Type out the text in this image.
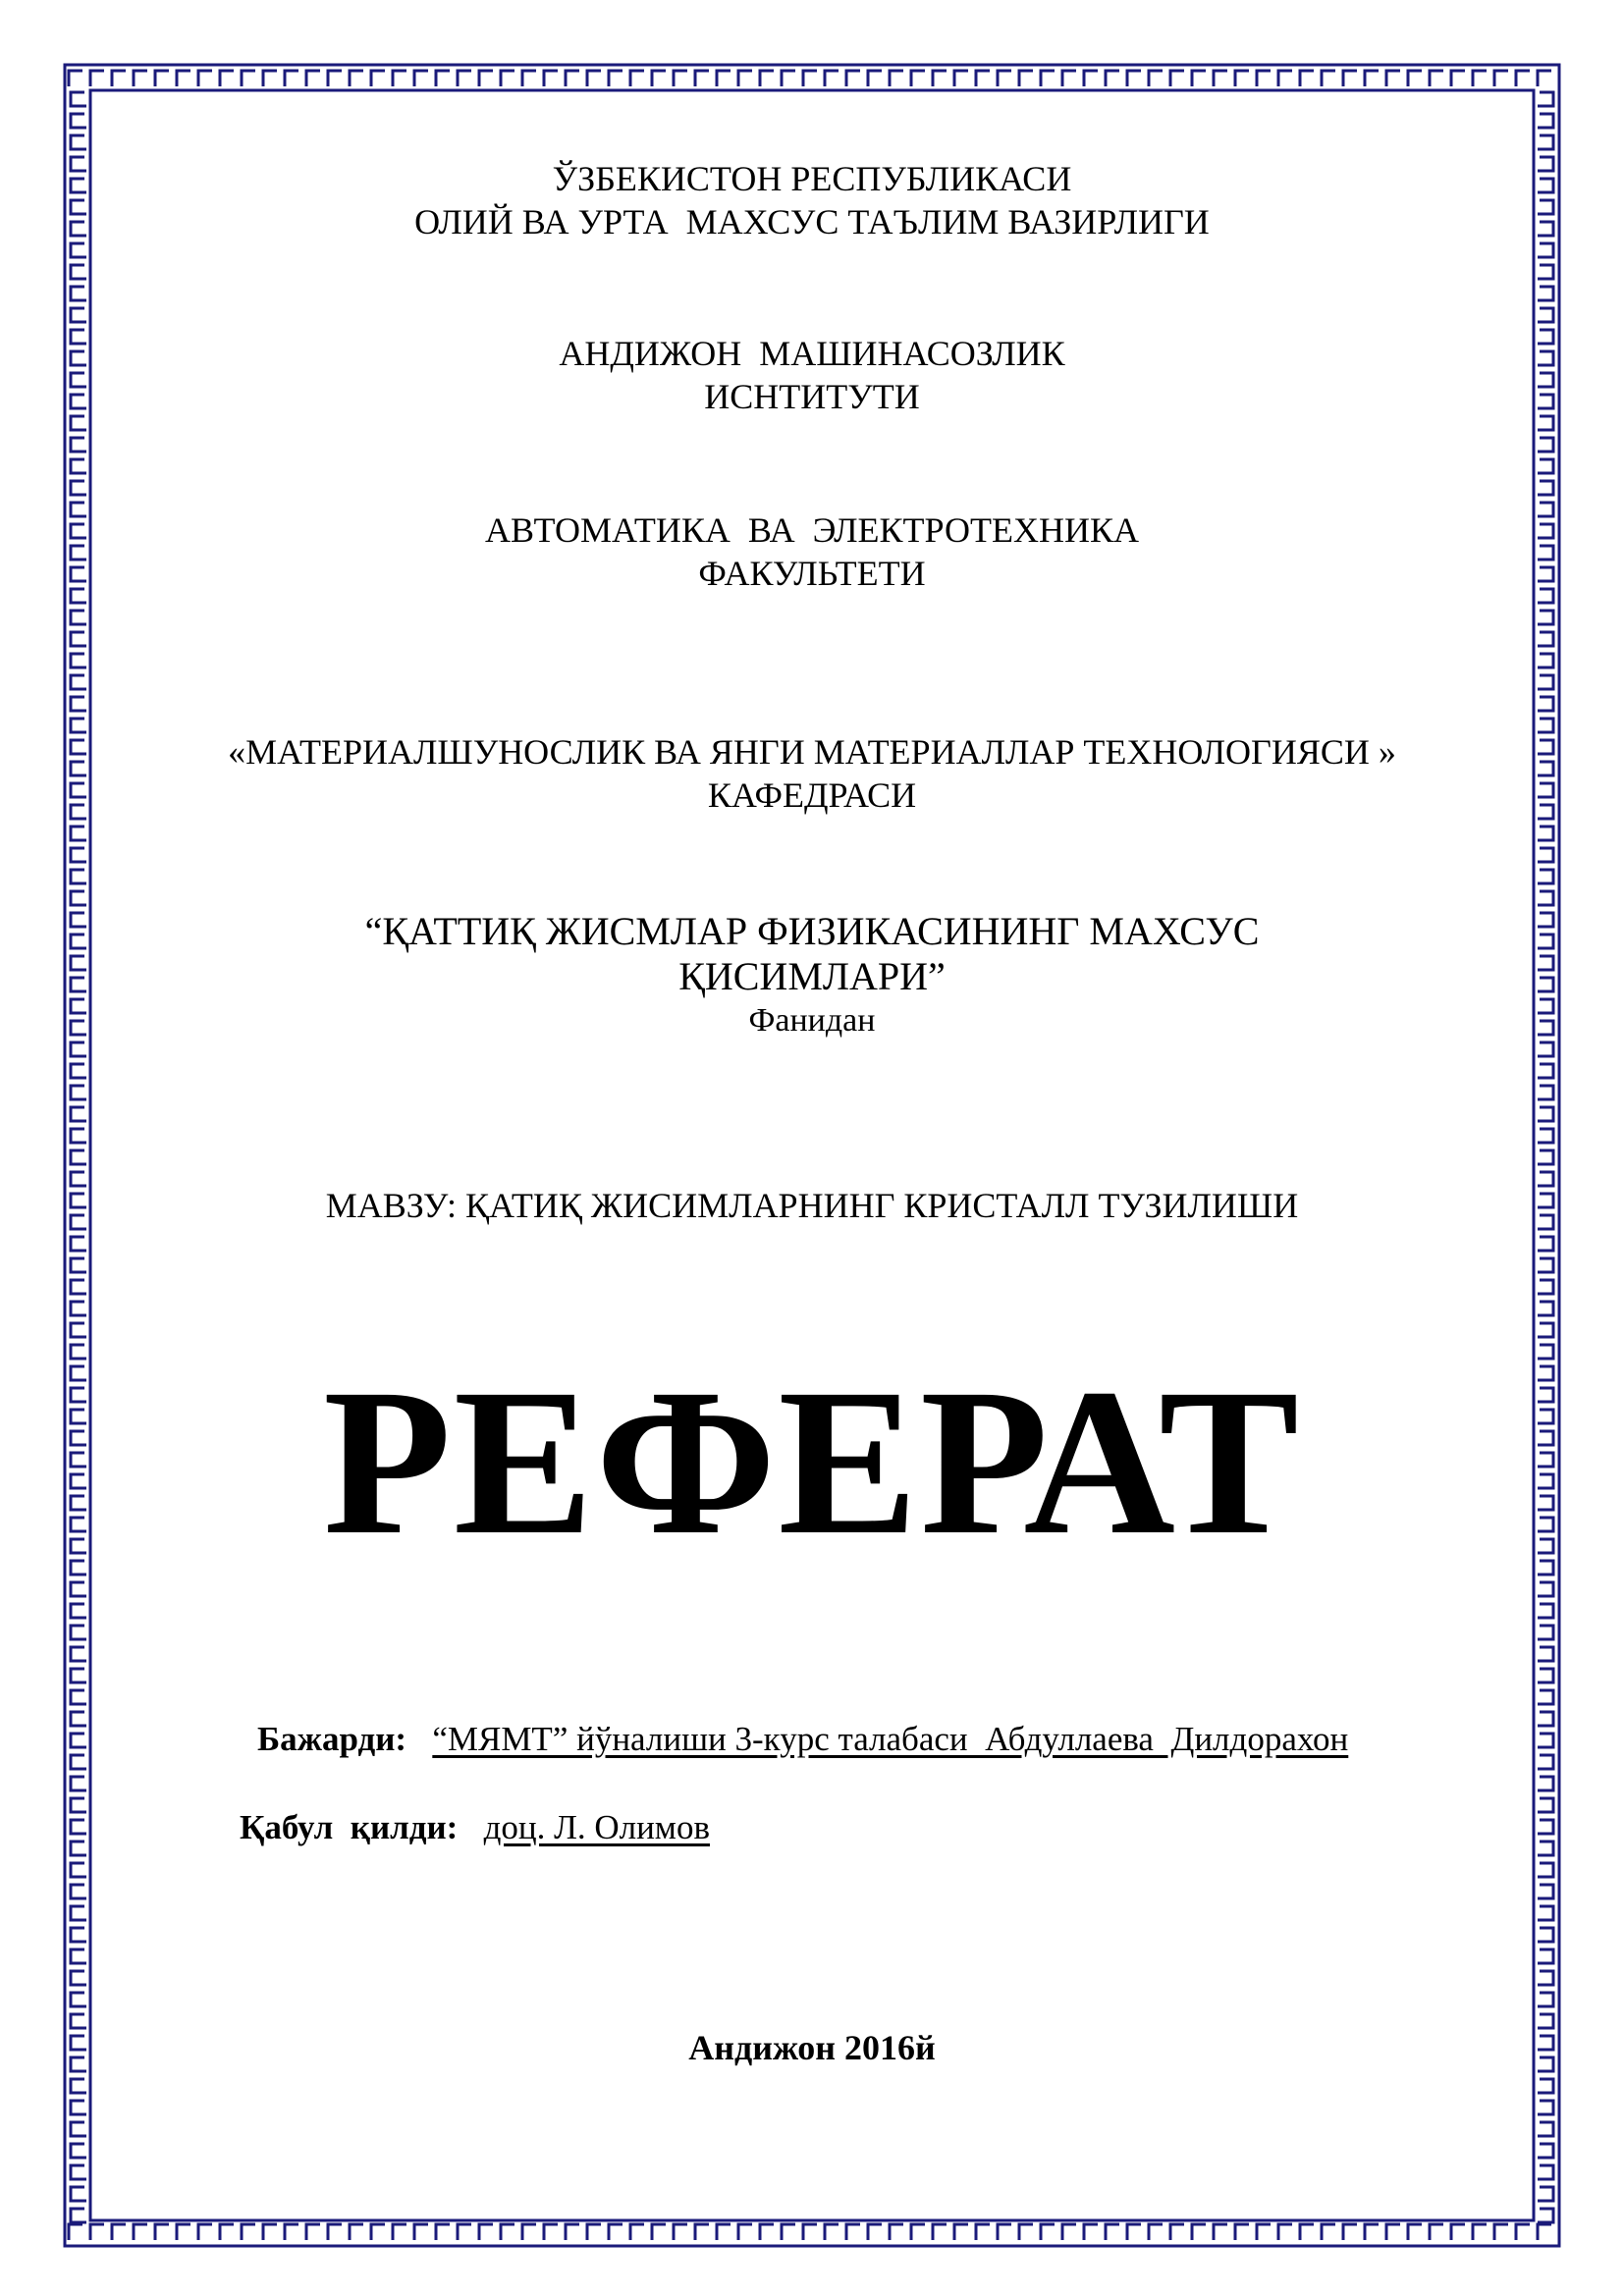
ЎЗБЕКИСТОН РЕСПУБЛИКАСИ
ОЛИЙ ВА УРТА  МАХСУС ТАЪЛИМ ВАЗИРЛИГИ
АНДИЖОН  МАШИНАСОЗЛИК
ИСНТИТУТИ
АВТОМАТИКА  ВА  ЭЛЕКТРОТЕХНИКА
ФАКУЛЬТЕТИ
«МАТЕРИАЛШУНОСЛИК ВА ЯНГИ МАТЕРИАЛЛАР ТЕХНОЛОГИЯСИ »
КАФЕДРАСИ
“ҚАТТИҚ ЖИСМЛАР ФИЗИКАСИНИНГ МАХСУС
ҚИСИМЛАРИ”
Фанидан
МАВЗУ: ҚАТИҚ ЖИСИМЛАРНИНГ КРИСТАЛЛ ТУЗИЛИШИ
РЕФЕРАТ
Бажарди: “МЯМТ” йўналиши 3-курс талабаси  Абдуллаева  Дилдорахон
Қабул  қилди: доц. Л. Олимов
Андижон 2016й
